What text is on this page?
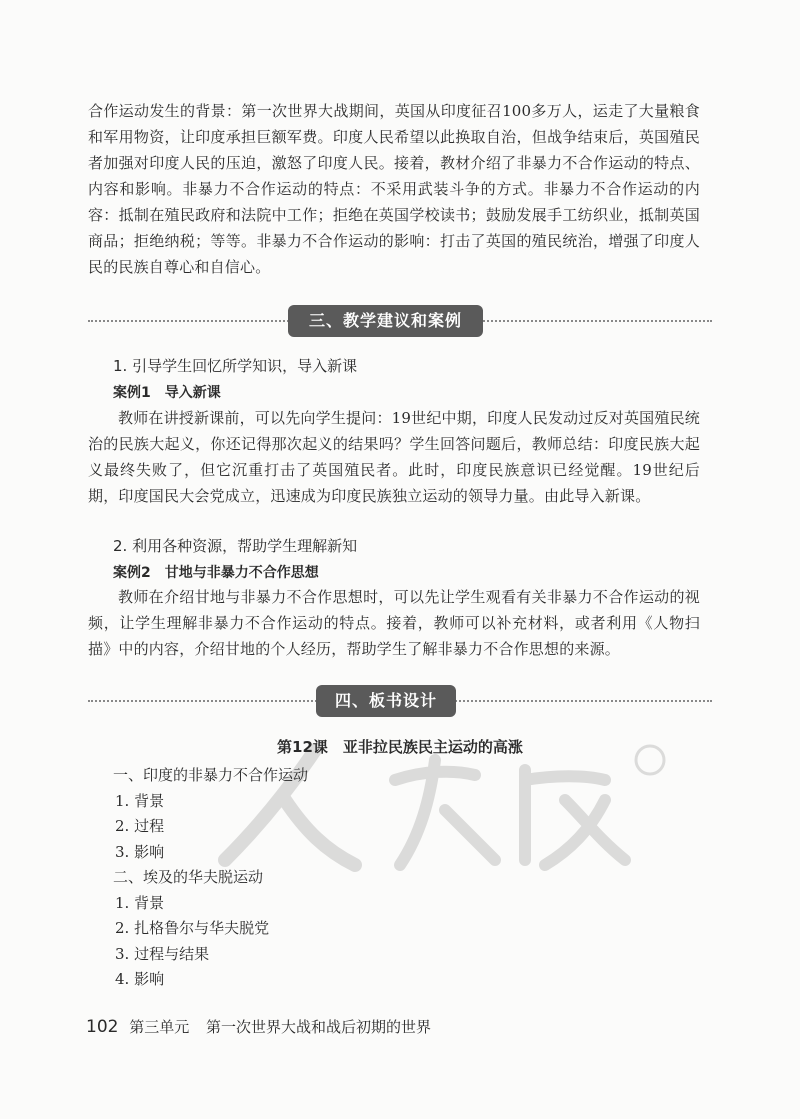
合作运动发生的背景：第一次世界大战期间，英国从印度征召100多万人，运走了大量粮食和军用物资，让印度承担巨额军费。印度人民希望以此换取自治，但战争结束后，英国殖民者加强对印度人民的压迫，激怒了印度人民。接着，教材介绍了非暴力不合作运动的特点、内容和影响。非暴力不合作运动的特点：不采用武装斗争的方式。非暴力不合作运动的内容：抵制在殖民政府和法院中工作；拒绝在英国学校读书；鼓励发展手工纺织业，抵制英国商品；拒绝纳税；等等。非暴力不合作运动的影响：打击了英国的殖民统治，增强了印度人民的民族自尊心和自信心。

三、教学建议和案例

1. 引导学生回忆所学知识，导入新课

案例1　导入新课

教师在讲授新课前，可以先向学生提问：19世纪中期，印度人民发动过反对英国殖民统治的民族大起义，你还记得那次起义的结果吗？学生回答问题后，教师总结：印度民族大起义最终失败了，但它沉重打击了英国殖民者。此时，印度民族意识已经觉醒。19世纪后期，印度国民大会党成立，迅速成为印度民族独立运动的领导力量。由此导入新课。

2. 利用各种资源，帮助学生理解新知

案例2　甘地与非暴力不合作思想

教师在介绍甘地与非暴力不合作思想时，可以先让学生观看有关非暴力不合作运动的视频，让学生理解非暴力不合作运动的特点。接着，教师可以补充材料，或者利用《人物扫描》中的内容，介绍甘地的个人经历，帮助学生了解非暴力不合作思想的来源。

四、板书设计

第12课　亚非拉民族民主运动的高涨

一、印度的非暴力不合作运动
1. 背景
2. 过程
3. 影响
二、埃及的华夫脱运动
1. 背景
2. 扎格鲁尔与华夫脱党
3. 过程与结果
4. 影响

102 第三单元 第一次世界大战和战后初期的世界
